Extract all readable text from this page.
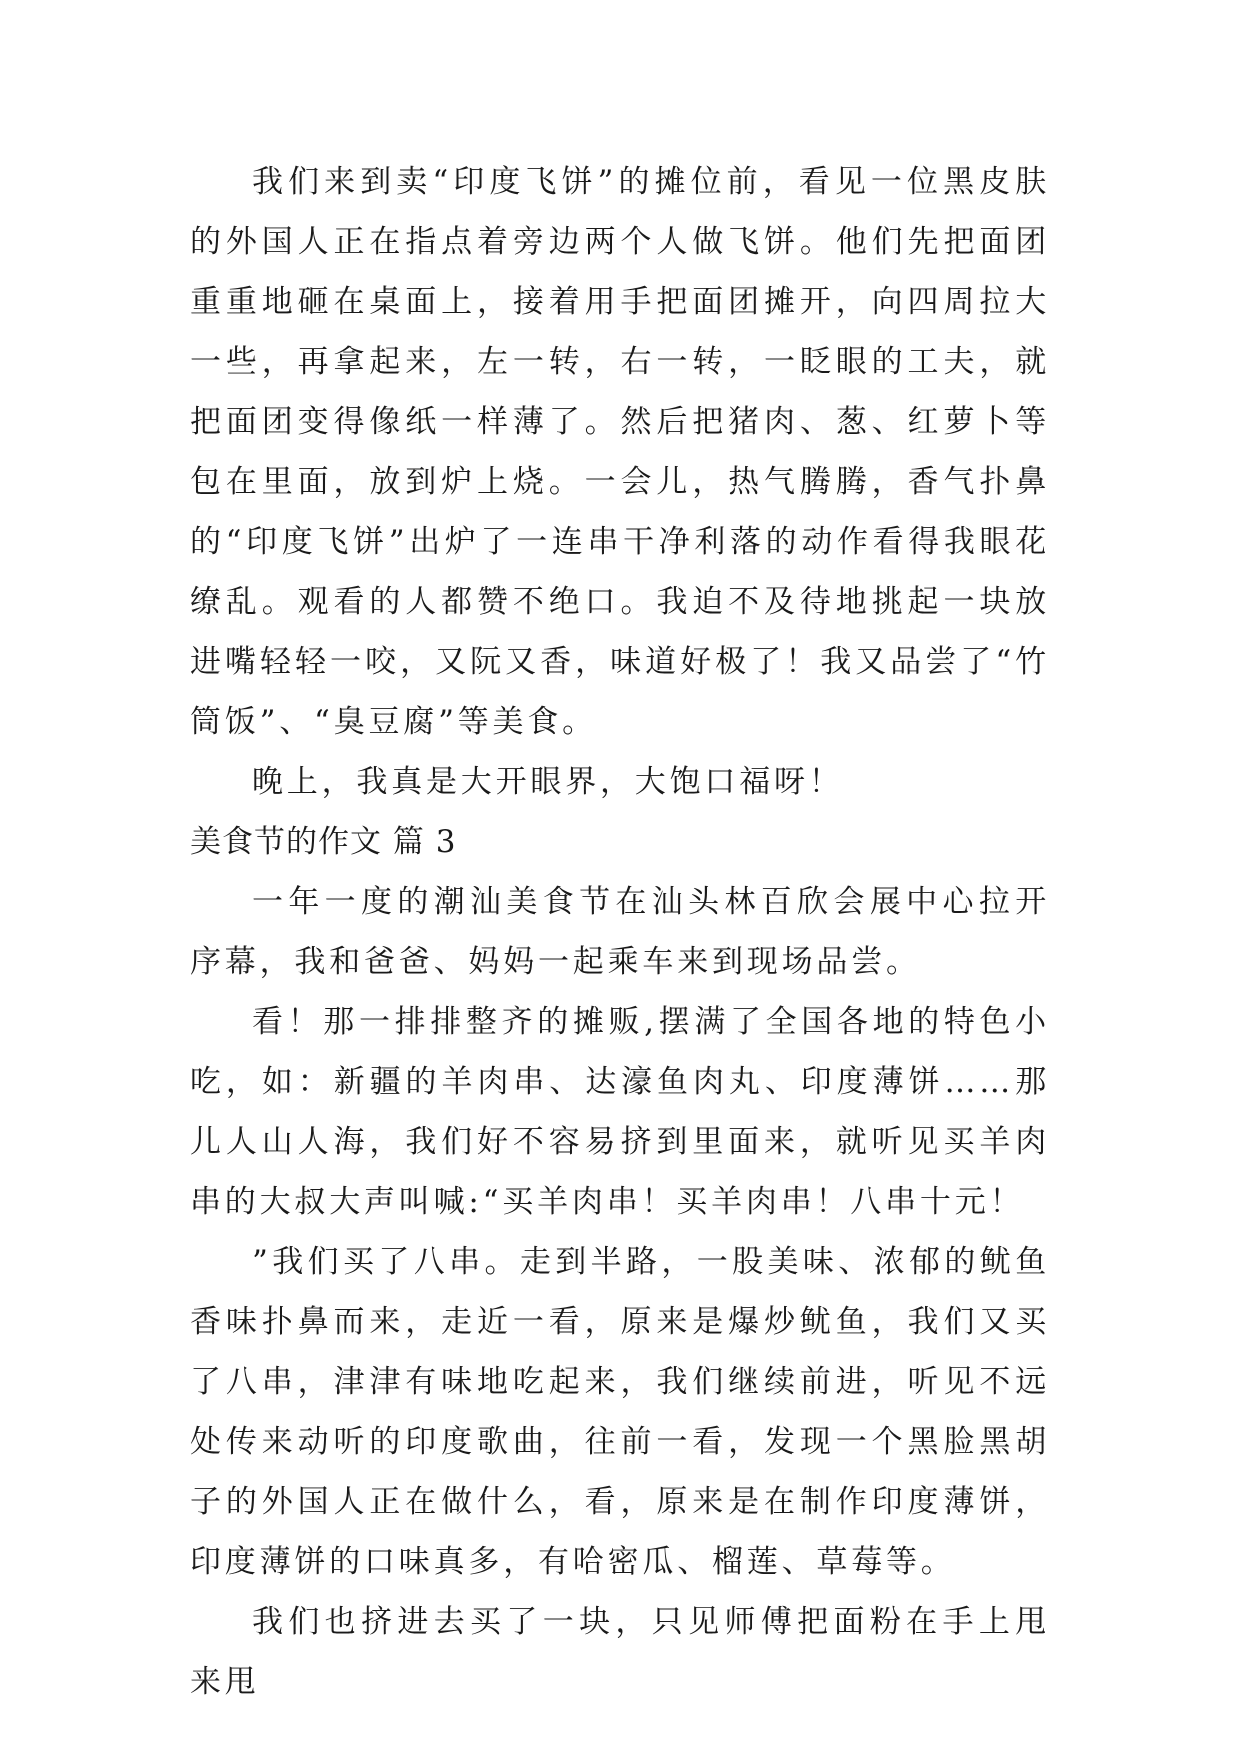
我们来到卖“印度飞饼”的摊位前，看见一位黑皮肤的外国人正在指点着旁边两个人做飞饼。他们先把面团重重地砸在桌面上，接着用手把面团摊开，向四周拉大一些，再拿起来，左一转，右一转，一眨眼的工夫，就把面团变得像纸一样薄了。然后把猪肉、葱、红萝卜等包在里面，放到炉上烧。一会儿，热气腾腾，香气扑鼻的“印度飞饼”出炉了一连串干净利落的动作看得我眼花缭乱。观看的人都赞不绝口。我迫不及待地挑起一块放进嘴轻轻一咬，又阮又香，味道好极了！我又品尝了“竹筒饭”、“臭豆腐”等美食。

晚上，我真是大开眼界，大饱口福呀！

美食节的作文 篇 3

一年一度的潮汕美食节在汕头林百欣会展中心拉开序幕，我和爸爸、妈妈一起乘车来到现场品尝。

看！那一排排整齐的摊贩,摆满了全国各地的特色小吃，如：新疆的羊肉串、达濠鱼肉丸、印度薄饼……那儿人山人海，我们好不容易挤到里面来，就听见买羊肉串的大叔大声叫喊:“买羊肉串！买羊肉串！八串十元！

”我们买了八串。走到半路，一股美味、浓郁的鱿鱼香味扑鼻而来，走近一看，原来是爆炒鱿鱼，我们又买了八串，津津有味地吃起来，我们继续前进，听见不远处传来动听的印度歌曲，往前一看，发现一个黑脸黑胡子的外国人正在做什么，看，原来是在制作印度薄饼，印度薄饼的口味真多，有哈密瓜、榴莲、草莓等。

我们也挤进去买了一块，只见师傅把面粉在手上甩来甩
